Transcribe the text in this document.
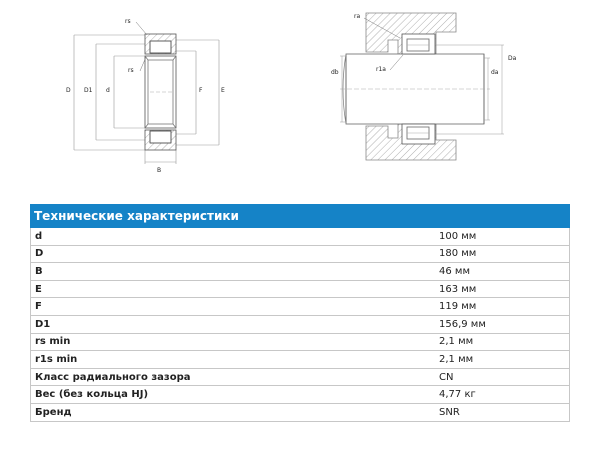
rs
rs
D D1 d	F	E
B
ra
Da
db	r1a	da
Технические характеристики	
d	100 мм
D	180 мм
B	46 мм
E	163 мм
F	119 мм
D1	156,9 мм
rs min	2,1 мм
r1s min	2,1 мм
Класс радиального зазора	CN
Вес (без кольца HJ)	4,77 кг
Бренд	SNR
